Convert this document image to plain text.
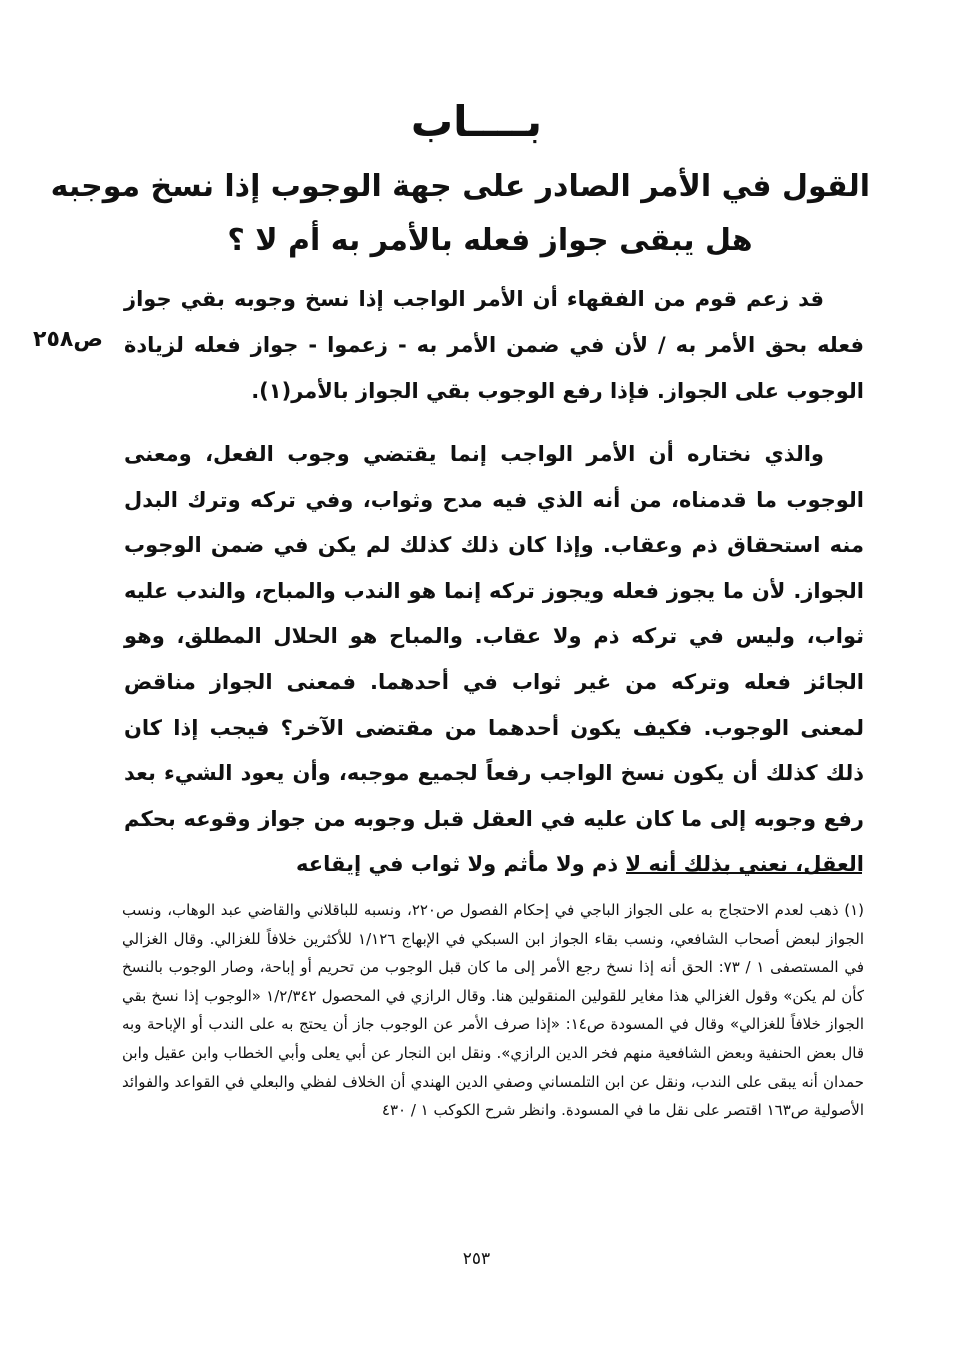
بــــاب
القول في الأمر الصادر على جهة الوجوب إذا نسخ موجبه
هل يبقى جواز فعله بالأمر به أم لا ؟
ص٢٥٨

قد زعم قوم من الفقهاء أن الأمر الواجب إذا نسخ وجوبه بقي جواز فعله بحق الأمر به / لأن في ضمن الأمر به - زعموا - جواز فعله لزيادة الوجوب على الجواز. فإذا رفع الوجوب بقي الجواز بالأمر(١).

والذي نختاره أن الأمر الواجب إنما يقتضي وجوب الفعل، ومعنى الوجوب ما قدمناه، من أنه الذي فيه مدح وثواب، وفي تركه وترك البدل منه استحقاق ذم وعقاب. وإذا كان ذلك كذلك لم يكن في ضمن الوجوب الجواز. لأن ما يجوز فعله ويجوز تركه إنما هو الندب والمباح، والندب عليه ثواب، وليس في تركه ذم ولا عقاب. والمباح هو الحلال المطلق، وهو الجائز فعله وتركه من غير ثواب في أحدهما. فمعنى الجواز مناقض لمعنى الوجوب. فكيف يكون أحدهما من مقتضى الآخر؟ فيجب إذا كان ذلك كذلك أن يكون نسخ الواجب رفعاً لجميع موجبه، وأن يعود الشيء بعد رفع وجوبه إلى ما كان عليه في العقل قبل وجوبه من جواز وقوعه بحكم العقل، نعني بذلك أنه لا ذم ولا مأثم ولا ثواب في إيقاعه

(١) ذهب لعدم الاحتجاج به على الجواز الباجي في إحكام الفصول ص٢٢٠، ونسبه للباقلاني والقاضي عبد الوهاب، ونسب الجواز لبعض أصحاب الشافعي، ونسب بقاء الجواز ابن السبكي في الإبهاج ١/١٢٦ للأكثرين خلافاً للغزالي. وقال الغزالي في المستصفى ١ / ٧٣: الحق أنه إذا نسخ رجع الأمر إلى ما كان قبل الوجوب من تحريم أو إباحة، وصار الوجوب بالنسخ كأن لم يكن» وقول الغزالي هذا مغاير للقولين المنقولين هنا. وقال الرازي في المحصول ١/٢/٣٤٢ «الوجوب إذا نسخ بقي الجواز خلافاً للغزالي» وقال في المسودة ص١٤: «إذا صرف الأمر عن الوجوب جاز أن يحتج به على الندب أو الإباحة وبه قال بعض الحنفية وبعض الشافعية منهم فخر الدين الرازي». ونقل ابن النجار عن أبي يعلى وأبي الخطاب وابن عقيل وابن حمدان أنه يبقى على الندب، ونقل عن ابن التلمساني وصفي الدين الهندي أن الخلاف لفظي والبعلي في القواعد والفوائد الأصولية ص١٦٣ اقتصر على نقل ما في المسودة. وانظر شرح الكوكب ١ / ٤٣٠

٢٥٣
